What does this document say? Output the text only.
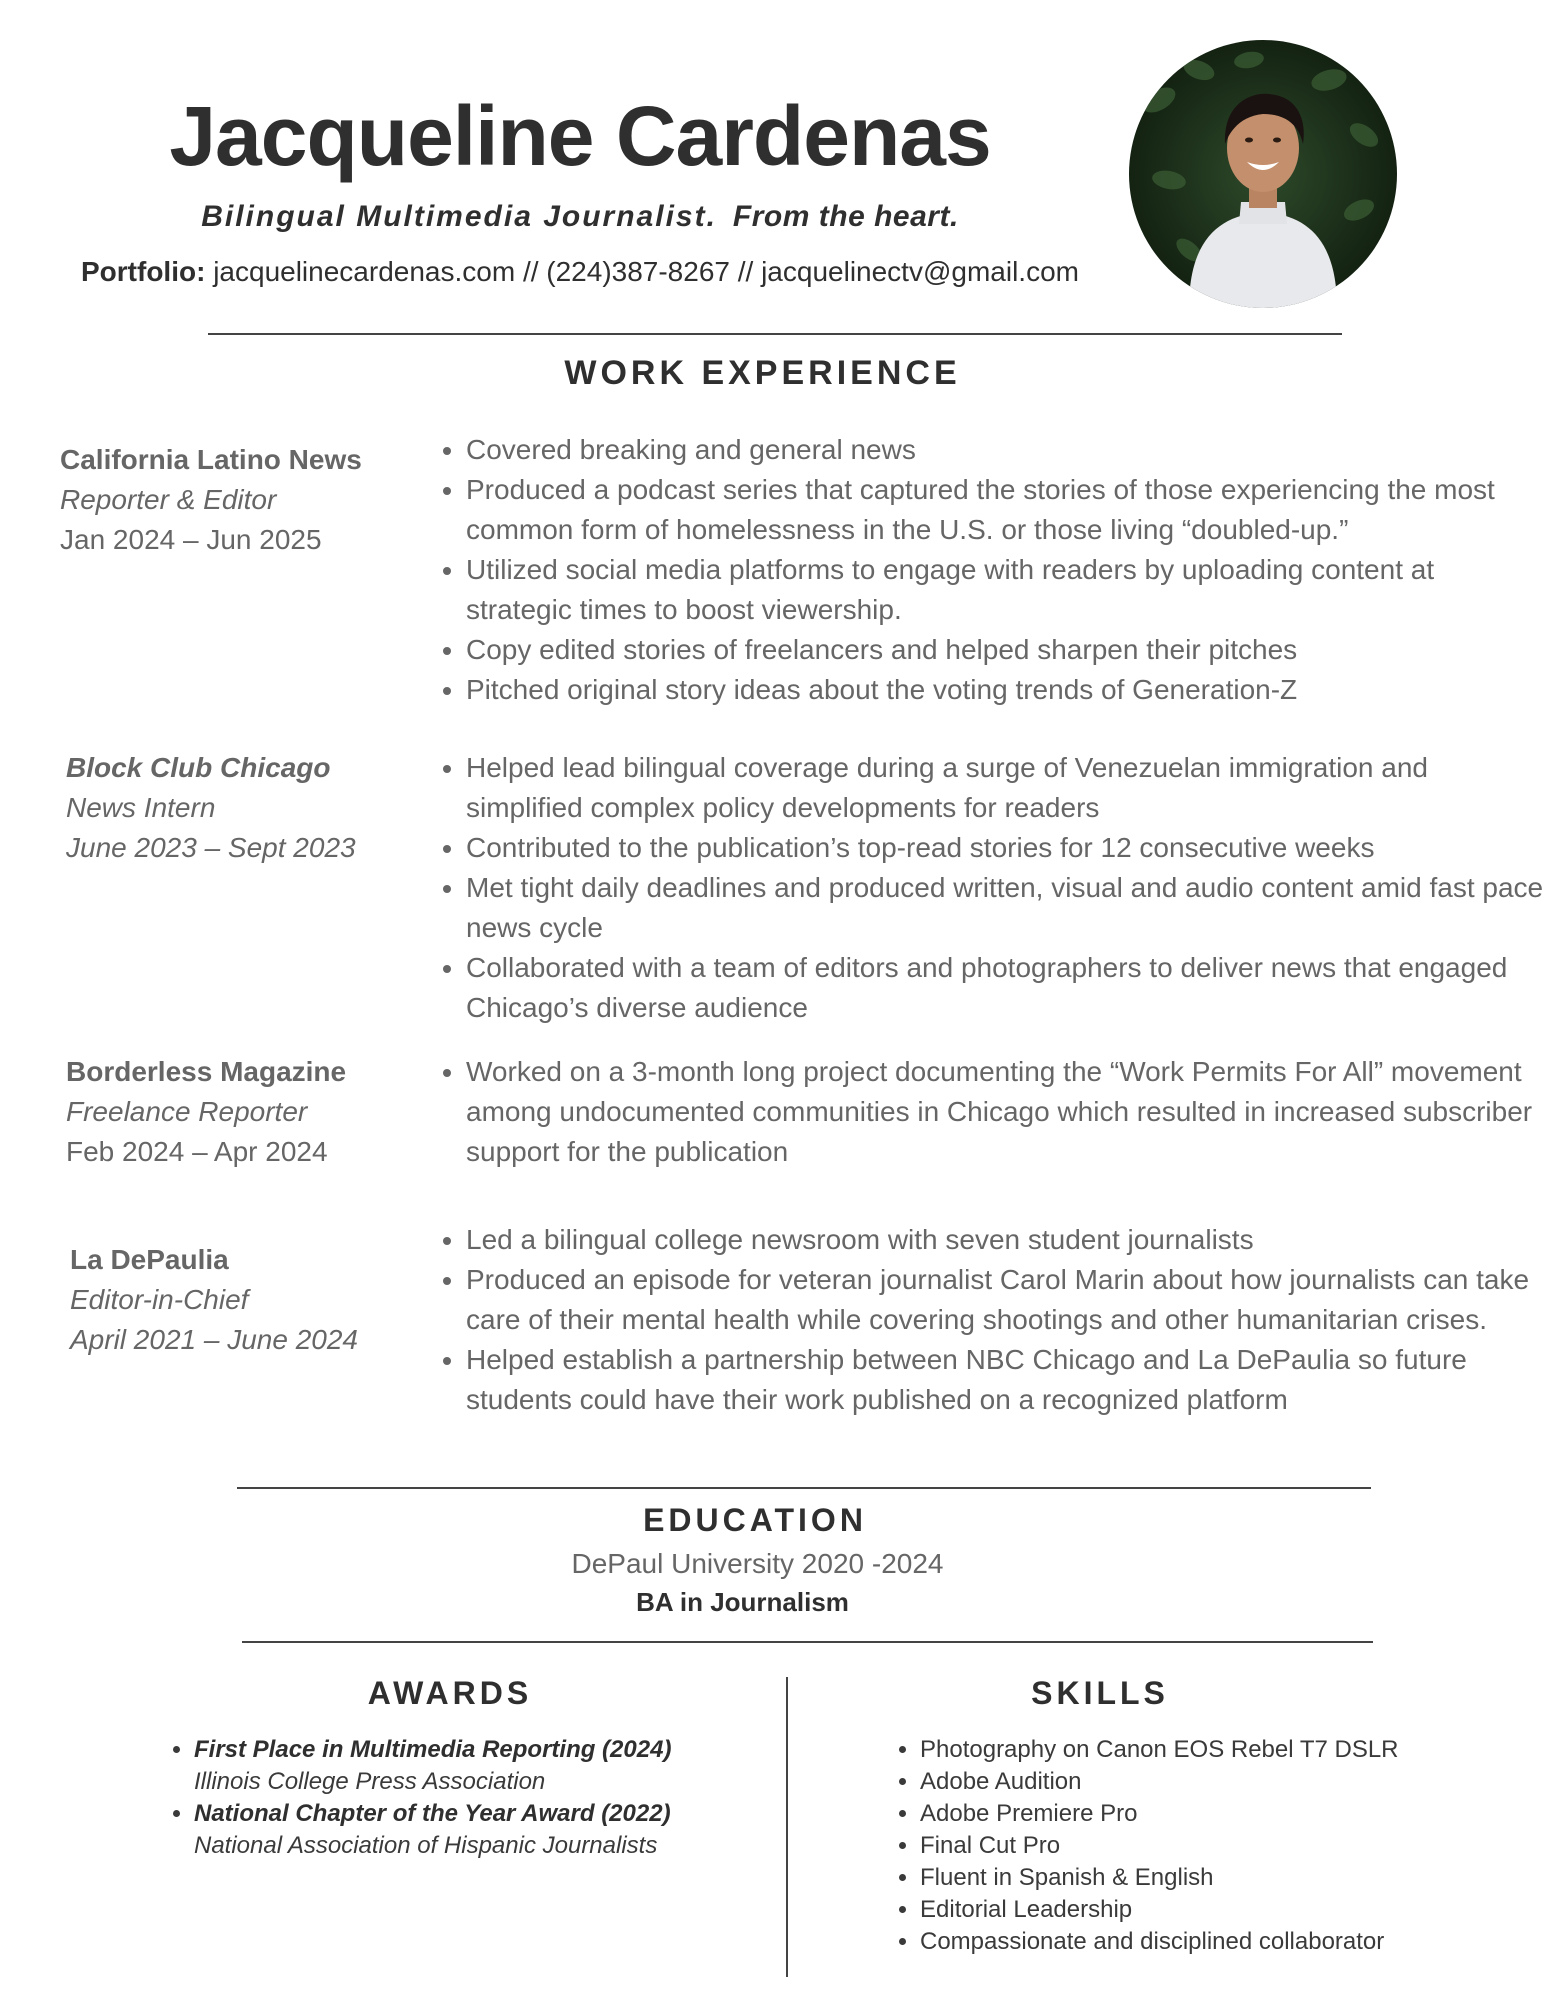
Jacqueline Cardenas
Bilingual Multimedia Journalist. From the heart.
Portfolio: jacquelinecardenas.com // (224)387-8267 // jacquelinectv@gmail.com
WORK EXPERIENCE
California Latino News
Reporter & Editor
Jan 2024 – Jun 2025
• Covered breaking and general news
• Produced a podcast series that captured the stories of those experiencing the most common form of homelessness in the U.S. or those living “doubled-up.”
• Utilized social media platforms to engage with readers by uploading content at strategic times to boost viewership.
• Copy edited stories of freelancers and helped sharpen their pitches
• Pitched original story ideas about the voting trends of Generation-Z
Block Club Chicago
News Intern
June 2023 – Sept 2023
• Helped lead bilingual coverage during a surge of Venezuelan immigration and simplified complex policy developments for readers
• Contributed to the publication’s top-read stories for 12 consecutive weeks
• Met tight daily deadlines and produced written, visual and audio content amid fast pace news cycle
• Collaborated with a team of editors and photographers to deliver news that engaged Chicago’s diverse audience
Borderless Magazine
Freelance Reporter
Feb 2024 – Apr 2024
• Worked on a 3-month long project documenting the “Work Permits For All” movement among undocumented communities in Chicago which resulted in increased subscriber support for the publication
La DePaulia
Editor-in-Chief
April 2021 – June 2024
• Led a bilingual college newsroom with seven student journalists
• Produced an episode for veteran journalist Carol Marin about how journalists can take care of their mental health while covering shootings and other humanitarian crises.
• Helped establish a partnership between NBC Chicago and La DePaulia so future students could have their work published on a recognized platform
EDUCATION
DePaul University 2020 -2024
BA in Journalism
AWARDS
• First Place in Multimedia Reporting (2024)
Illinois College Press Association
• National Chapter of the Year Award (2022)
National Association of Hispanic Journalists
SKILLS
• Photography on Canon EOS Rebel T7 DSLR
• Adobe Audition
• Adobe Premiere Pro
• Final Cut Pro
• Fluent in Spanish & English
• Editorial Leadership
• Compassionate and disciplined collaborator
